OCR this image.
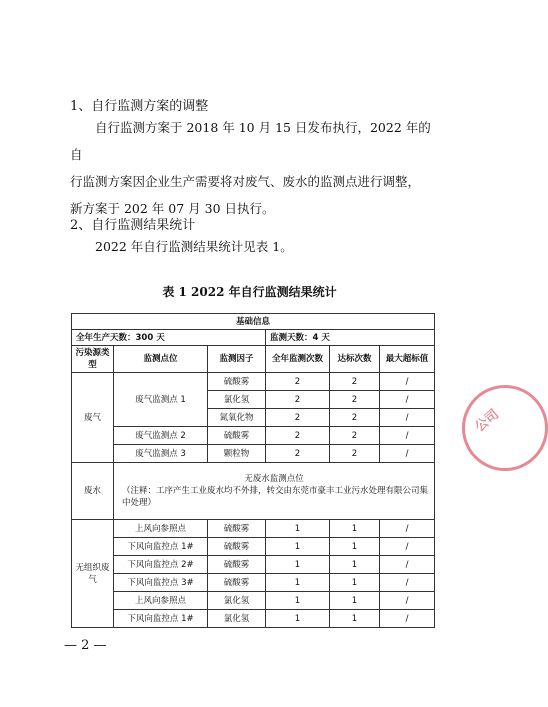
1、自行监测方案的调整
自行监测方案于 2018 年 10 月 15 日发布执行，2022 年的自
行监测方案因企业生产需要将对废气、废水的监测点进行调整，
新方案于 202 年 07 月 30 日执行。
2、自行监测结果统计
2022 年自行监测结果统计见表 1。
表 1 2022 年自行监测结果统计
基础信息					
全年生产天数：300 天			监测天数：4 天		
污染源类型	监测点位	监测因子	全年监测次数	达标次数	最大超标值
废气	废气监测点 1	硫酸雾	2	2	/
		氯化氢	2	2	/
		氮氧化物	2	2	/
	废气监测点 2	硫酸雾	2	2	/
	废气监测点 3	颗粒物	2	2	/
废水	无废水监测点位
（注释：工序产生工业废水均不外排，转交由东莞市豪丰工业污水处理有限公司集中处理）				

无组织废气	上风向参照点	硫酸雾	1	1	/
	下风向监控点 1#	硫酸雾	1	1	/
	下风向监控点 2#	硫酸雾	1	1	/
	下风向监控点 3#	硫酸雾	1	1	/
	上风向参照点	氯化氢	1	1	/
	下风向监控点 1#	氯化氢	1	1	/
公司
— 2 —
